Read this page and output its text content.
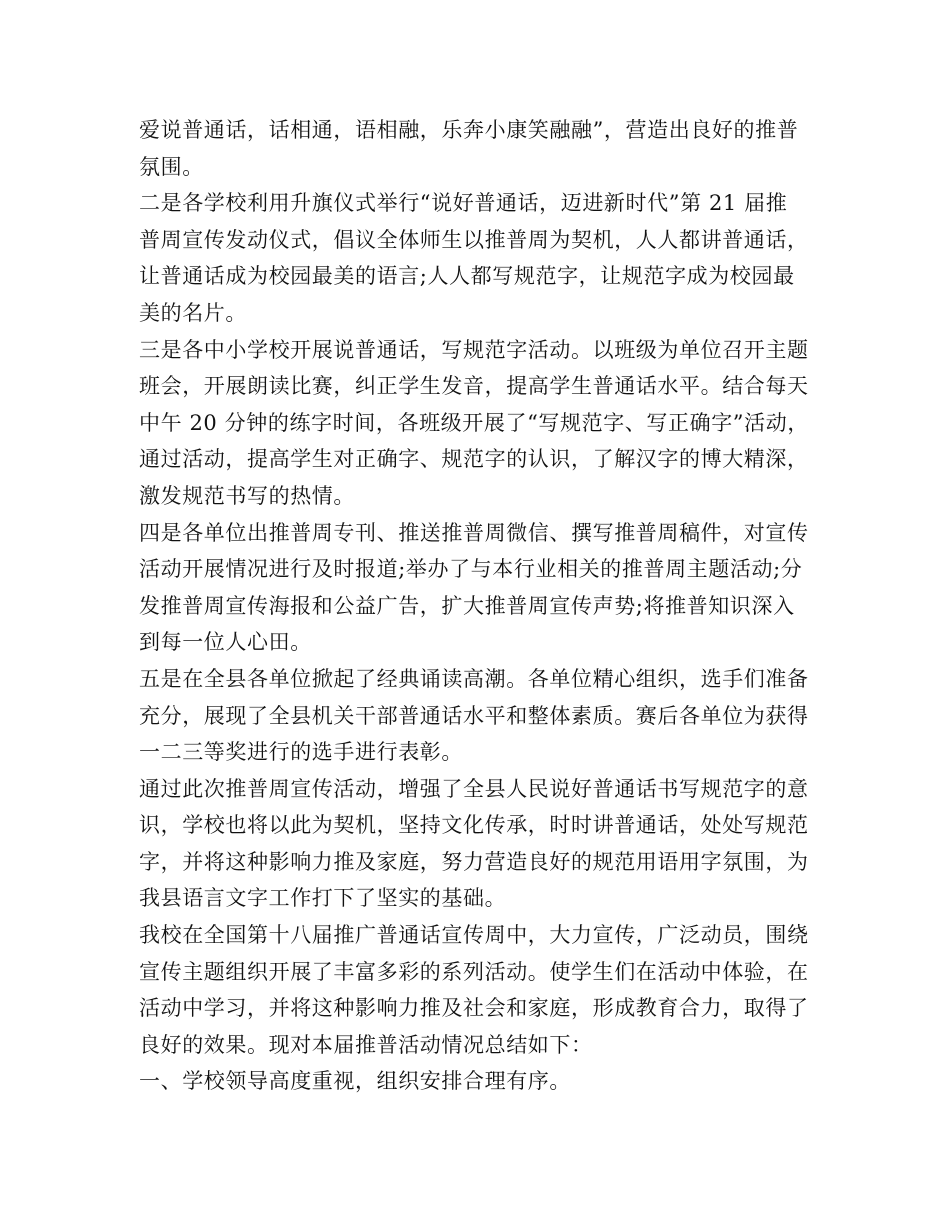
爱说普通话，话相通，语相融，乐奔小康笑融融”，营造出良好的推普
氛围。
二是各学校利用升旗仪式举行“说好普通话，迈进新时代”第 21 届推
普周宣传发动仪式，倡议全体师生以推普周为契机，人人都讲普通话，
让普通话成为校园最美的语言;人人都写规范字，让规范字成为校园最
美的名片。
三是各中小学校开展说普通话，写规范字活动。以班级为单位召开主题
班会，开展朗读比赛，纠正学生发音，提高学生普通话水平。结合每天
中午 20 分钟的练字时间，各班级开展了“写规范字、写正确字”活动，
通过活动，提高学生对正确字、规范字的认识，了解汉字的博大精深，
激发规范书写的热情。
四是各单位出推普周专刊、推送推普周微信、撰写推普周稿件，对宣传
活动开展情况进行及时报道;举办了与本行业相关的推普周主题活动;分
发推普周宣传海报和公益广告，扩大推普周宣传声势;将推普知识深入
到每一位人心田。
五是在全县各单位掀起了经典诵读高潮。各单位精心组织，选手们准备
充分，展现了全县机关干部普通话水平和整体素质。赛后各单位为获得
一二三等奖进行的选手进行表彰。
通过此次推普周宣传活动，增强了全县人民说好普通话书写规范字的意
识，学校也将以此为契机，坚持文化传承，时时讲普通话，处处写规范
字，并将这种影响力推及家庭，努力营造良好的规范用语用字氛围，为
我县语言文字工作打下了坚实的基础。
我校在全国第十八届推广普通话宣传周中，大力宣传，广泛动员，围绕
宣传主题组织开展了丰富多彩的系列活动。使学生们在活动中体验，在
活动中学习，并将这种影响力推及社会和家庭，形成教育合力，取得了
良好的效果。现对本届推普活动情况总结如下：
一、学校领导高度重视，组织安排合理有序。
